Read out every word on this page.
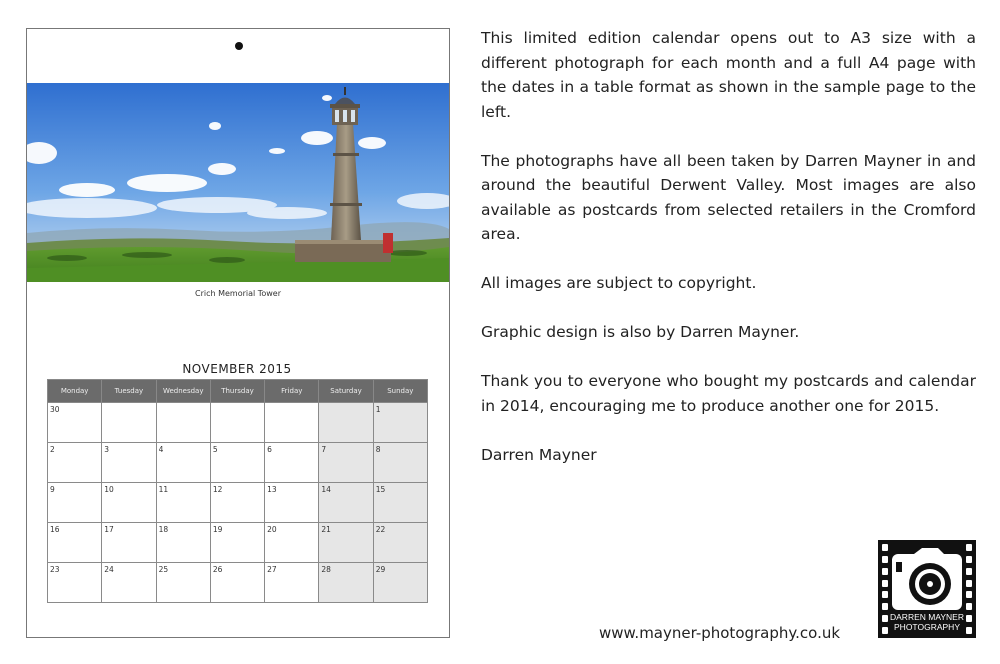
Crich Memorial Tower
NOVEMBER 2015
Monday	Tuesday	Wednesday	Thursday	Friday	Saturday	Sunday
30						1
2	3	4	5	6	7	8
9	10	11	12	13	14	15
16	17	18	19	20	21	22
23	24	25	26	27	28	29

This limited edition calendar opens out to A3 size with a different photograph for each month and a full A4 page with the dates in a table format as shown in the sample page to the left.

The photographs have all been taken by Darren Mayner in and around the beautiful Derwent Valley. Most images are also available as postcards from selected retailers in the Cromford area.

All images are subject to copyright.

Graphic design is also by Darren Mayner.

Thank you to everyone who bought my postcards and calendar in 2014, encouraging me to produce another one for 2015.

Darren Mayner

www.mayner-photography.co.uk
DARREN MAYNER
PHOTOGRAPHY
